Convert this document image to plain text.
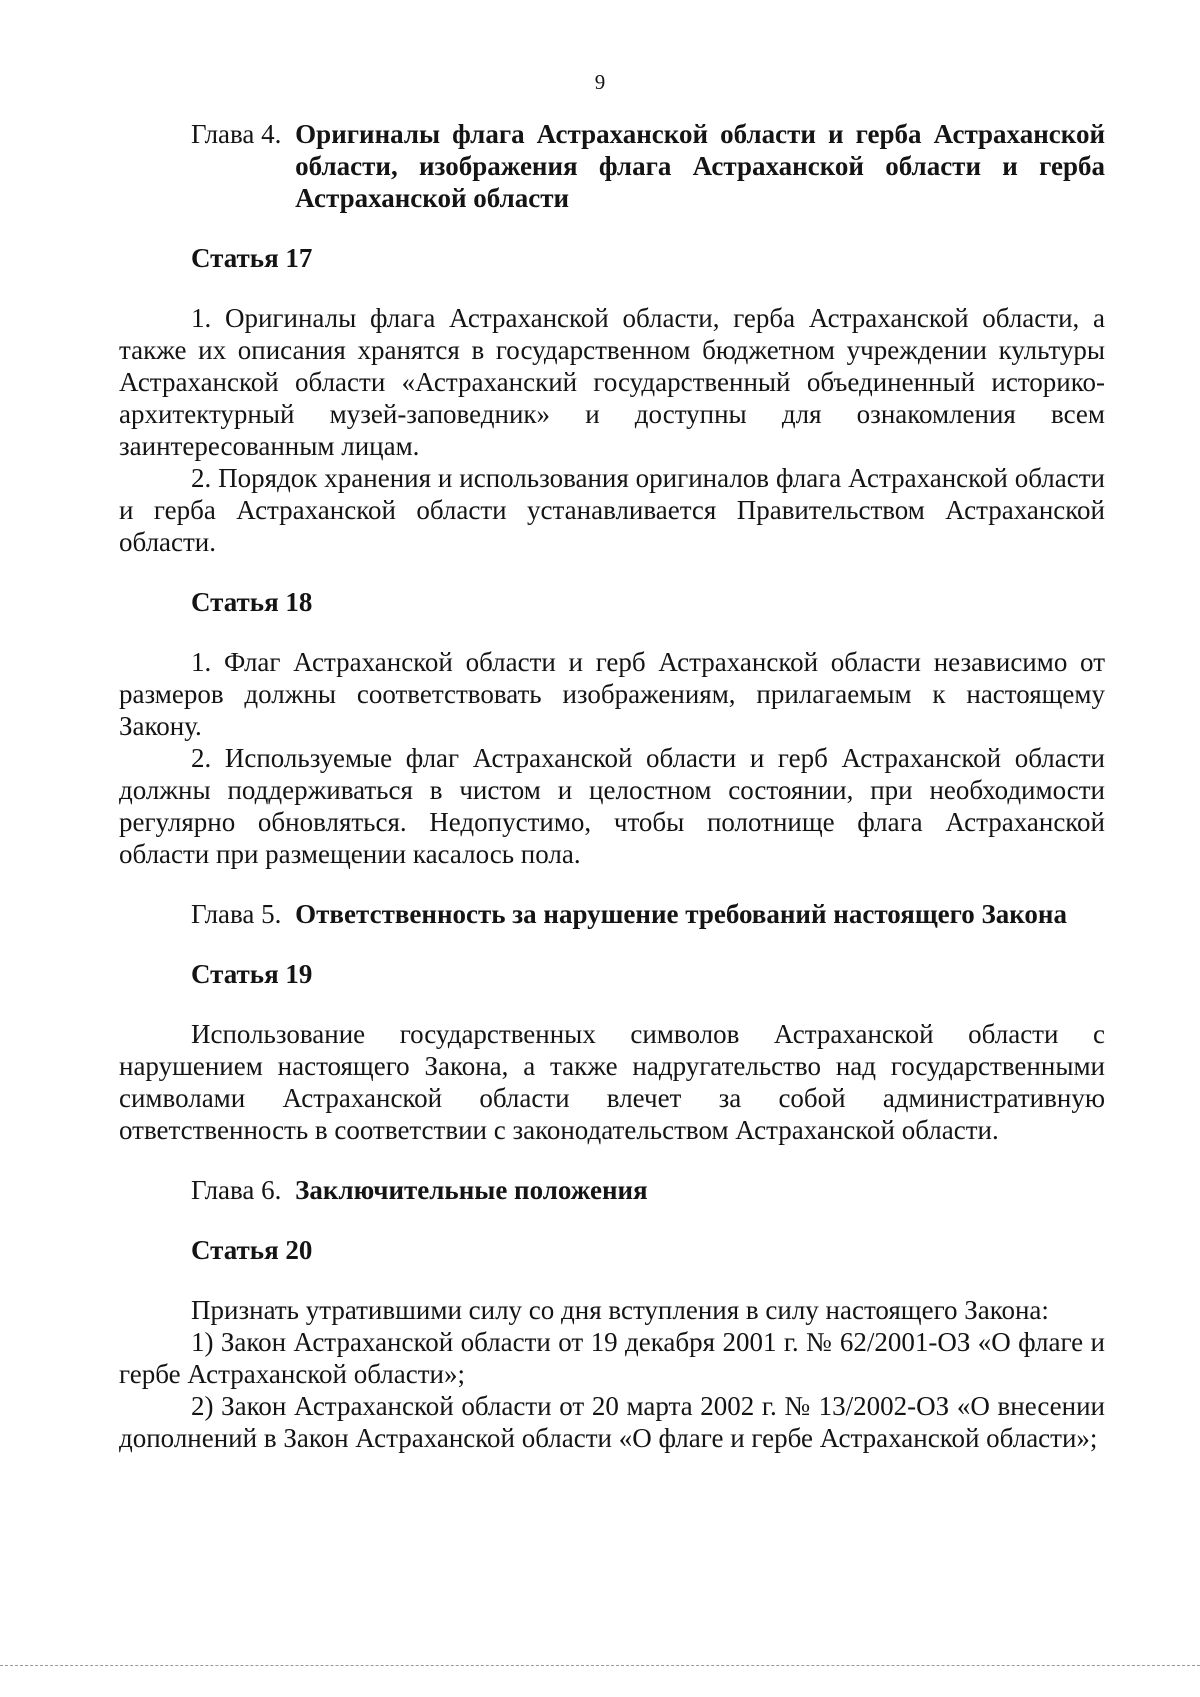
9
Глава 4. Оригиналы флага Астраханской области и герба Астраханской области, изображения флага Астраханской области и герба Астраханской области
Статья 17

1. Оригиналы флага Астраханской области, герба Астраханской области, а также их описания хранятся в государственном бюджетном учреждении культуры Астраханской области «Астраханский государственный объединенный историко-архитектурный музей-заповедник» и доступны для ознакомления всем заинтересованным лицам.

2. Порядок хранения и использования оригиналов флага Астраханской области и герба Астраханской области устанавливается Правительством Астраханской области.

Статья 18

1. Флаг Астраханской области и герб Астраханской области независимо от размеров должны соответствовать изображениям, прилагаемым к настоящему Закону.

2. Используемые флаг Астраханской области и герб Астраханской области должны поддерживаться в чистом и целостном состоянии, при необходимости регулярно обновляться. Недопустимо, чтобы полотнище флага Астраханской области при размещении касалось пола.

Глава 5. Ответственность за нарушение требований настоящего Закона
Статья 19

Использование государственных символов Астраханской области с нарушением настоящего Закона, а также надругательство над государственными символами Астраханской области влечет за собой административную ответственность в соответствии с законодательством Астраханской области.

Глава 6. Заключительные положения
Статья 20

Признать утратившими силу со дня вступления в силу настоящего Закона:

1) Закон Астраханской области от 19 декабря 2001 г. № 62/2001-ОЗ «О флаге и гербе Астраханской области»;

2) Закон Астраханской области от 20 марта 2002 г. № 13/2002-ОЗ «О внесении дополнений в Закон Астраханской области «О флаге и гербе Астраханской области»;
